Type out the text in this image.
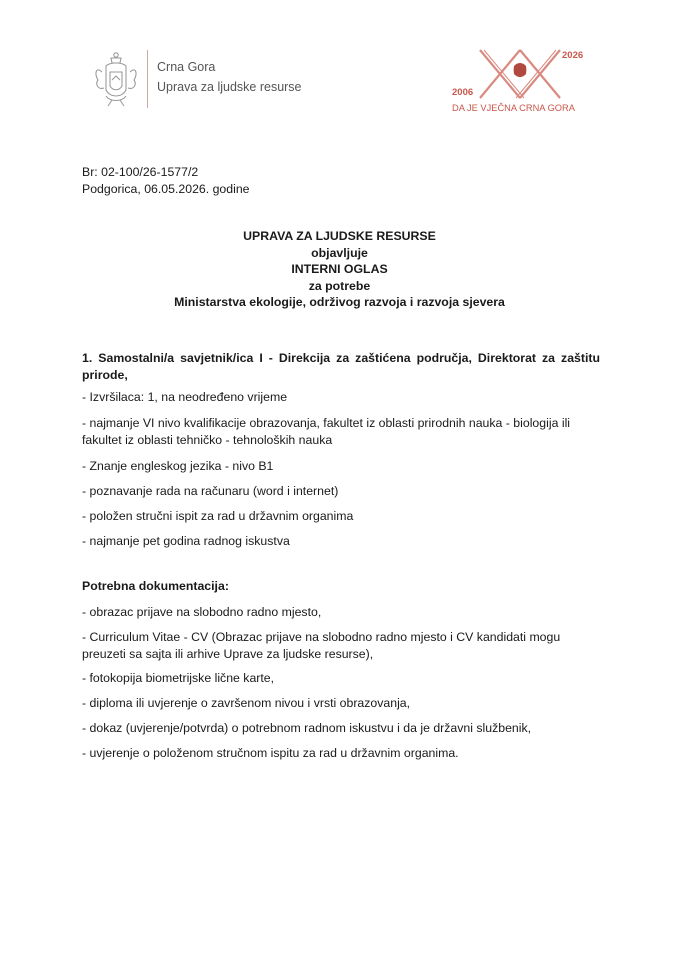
Crna Gora
Uprava za ljudske resurse
2026
2006
DA JE VJEČNA CRNA GORA
Br: 02-100/26-1577/2
Podgorica, 06.05.2026. godine
UPRAVA ZA LJUDSKE RESURSE
objavljuje
INTERNI OGLAS
za potrebe
Ministarstva ekologije, održivog razvoja i razvoja sjevera
1. Samostalni/a savjetnik/ica I - Direkcija za zaštićena područja, Direktorat za zaštitu prirode,
- Izvršilaca: 1, na neodređeno vrijeme
- najmanje VI nivo kvalifikacije obrazovanja, fakultet iz oblasti prirodnih nauka - biologija ili fakultet iz oblasti tehničko - tehnoloških nauka
- Znanje engleskog jezika - nivo B1
- poznavanje rada na računaru (word i internet)
- položen stručni ispit za rad u državnim organima
- najmanje pet godina radnog iskustva
Potrebna dokumentacija:
- obrazac prijave na slobodno radno mjesto,
- Curriculum Vitae - CV (Obrazac prijave na slobodno radno mjesto i CV kandidati mogu preuzeti sa sajta ili arhive Uprave za ljudske resurse),
- fotokopija biometrijske lične karte,
- diploma ili uvjerenje o završenom nivou i vrsti obrazovanja,
- dokaz (uvjerenje/potvrda) o potrebnom radnom iskustvu i da je državni službenik,
- uvjerenje o položenom stručnom ispitu za rad u državnim organima.
